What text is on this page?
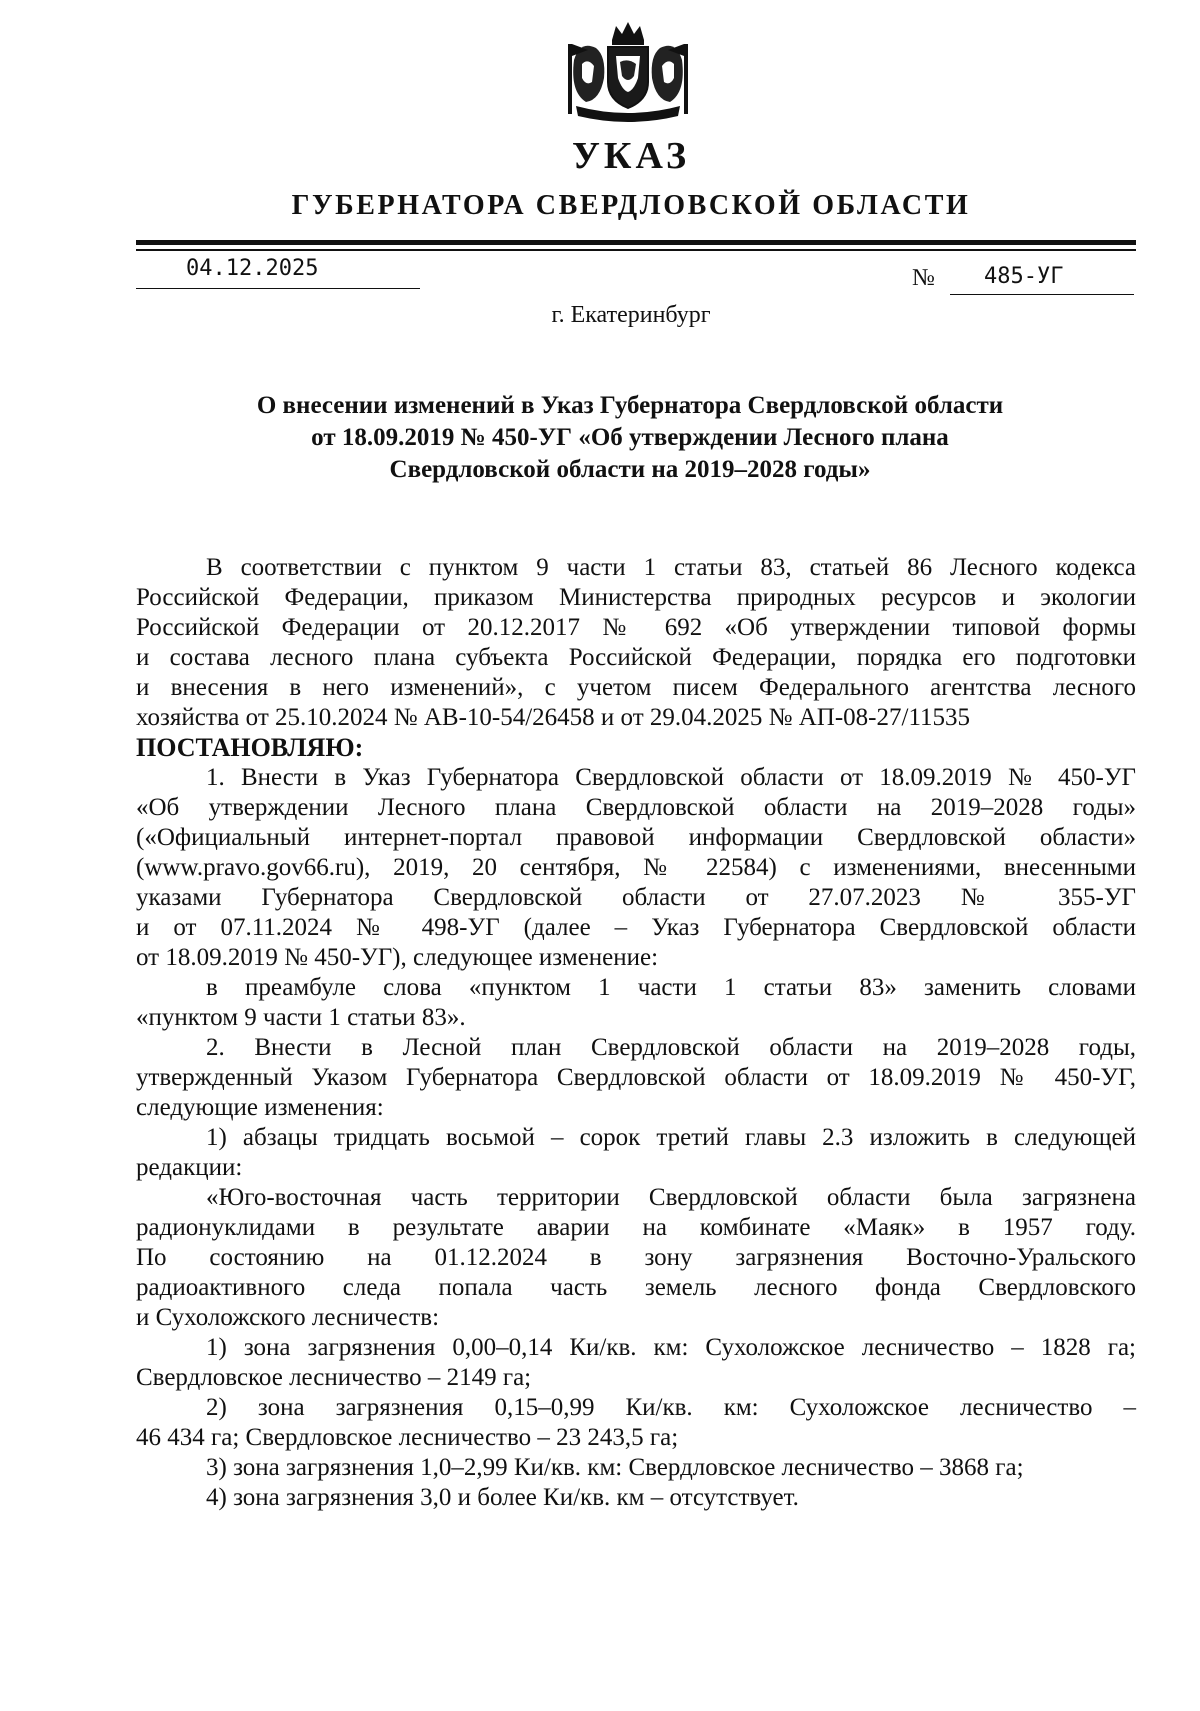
УКАЗ
ГУБЕРНАТОРА СВЕРДЛОВСКОЙ ОБЛАСТИ
04.12.2025	№ 485-УГ
г. Екатеринбург
О внесении изменений в Указ Губернатора Свердловской области
от 18.09.2019 № 450-УГ «Об утверждении Лесного плана
Свердловской области на 2019–2028 годы»
В соответствии с пунктом 9 части 1 статьи 83, статьей 86 Лесного кодекса
Российской Федерации, приказом Министерства природных ресурсов и экологии
Российской Федерации от 20.12.2017 № 692 «Об утверждении типовой формы
и состава лесного плана субъекта Российской Федерации, порядка его подготовки
и внесения в него изменений», с учетом писем Федерального агентства лесного
хозяйства от 25.10.2024 № АВ-10-54/26458 и от 29.04.2025 № АП-08-27/11535
ПОСТАНОВЛЯЮ:
1. Внести в Указ Губернатора Свердловской области от 18.09.2019 № 450-УГ
«Об утверждении Лесного плана Свердловской области на 2019–2028 годы»
(«Официальный интернет-портал правовой информации Свердловской области»
(www.pravo.gov66.ru), 2019, 20 сентября, № 22584) с изменениями, внесенными
указами Губернатора Свердловской области от 27.07.2023 № 355-УГ
и от 07.11.2024 № 498-УГ (далее – Указ Губернатора Свердловской области
от 18.09.2019 № 450-УГ), следующее изменение:
в преамбуле слова «пунктом 1 части 1 статьи 83» заменить словами
«пунктом 9 части 1 статьи 83».
2. Внести в Лесной план Свердловской области на 2019–2028 годы,
утвержденный Указом Губернатора Свердловской области от 18.09.2019 № 450-УГ,
следующие изменения:
1) абзацы тридцать восьмой – сорок третий главы 2.3 изложить в следующей
редакции:
«Юго-восточная часть территории Свердловской области была загрязнена
радионуклидами в результате аварии на комбинате «Маяк» в 1957 году.
По состоянию на 01.12.2024 в зону загрязнения Восточно-Уральского
радиоактивного следа попала часть земель лесного фонда Свердловского
и Сухоложского лесничеств:
1) зона загрязнения 0,00–0,14 Ки/кв. км: Сухоложское лесничество – 1828 га;
Свердловское лесничество – 2149 га;
2) зона загрязнения 0,15–0,99 Ки/кв. км: Сухоложское лесничество –
46 434 га; Свердловское лесничество – 23 243,5 га;
3) зона загрязнения 1,0–2,99 Ки/кв. км: Свердловское лесничество – 3868 га;
4) зона загрязнения 3,0 и более Ки/кв. км – отсутствует.
